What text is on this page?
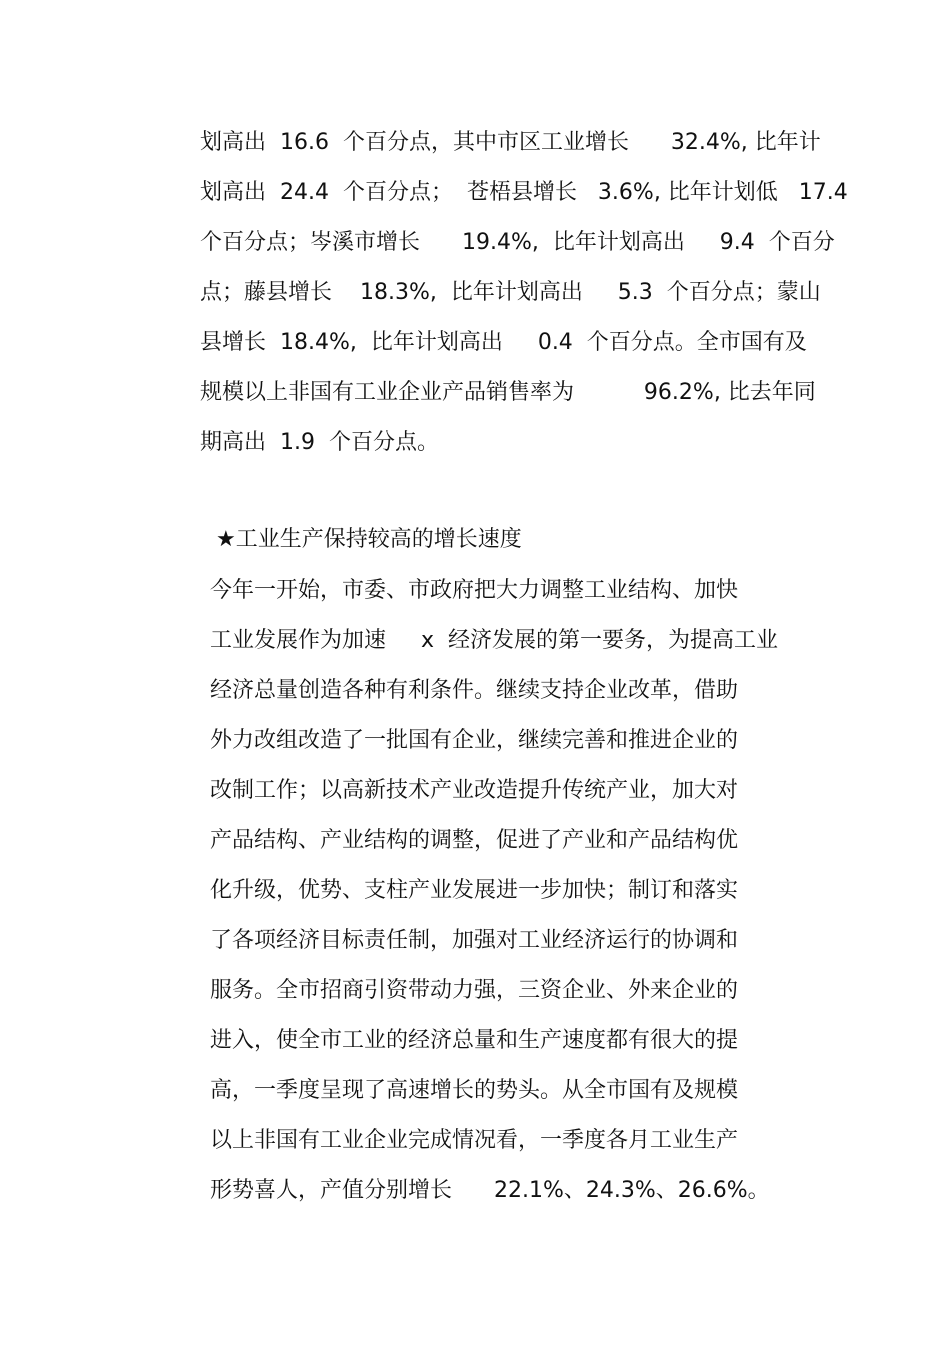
划高出  16.6  个百分点，其中市区工业增长      32.4%, 比年计
划高出  24.4  个百分点；  苍梧县增长   3.6%, 比年计划低   17.4
个百分点；岑溪市增长      19.4%,  比年计划高出     9.4  个百分
点；藤县增长    18.3%,  比年计划高出     5.3  个百分点；蒙山
县增长  18.4%,  比年计划高出     0.4  个百分点。全市国有及
规模以上非国有工业企业产品销售率为          96.2%, 比去年同
期高出  1.9  个百分点。
★工业生产保持较高的增长速度
今年一开始，市委、市政府把大力调整工业结构、加快
工业发展作为加速     x  经济发展的第一要务，为提高工业
经济总量创造各种有利条件。继续支持企业改革，借助
外力改组改造了一批国有企业，继续完善和推进企业的
改制工作；以高新技术产业改造提升传统产业，加大对
产品结构、产业结构的调整，促进了产业和产品结构优
化升级，优势、支柱产业发展进一步加快；制订和落实
了各项经济目标责任制，加强对工业经济运行的协调和
服务。全市招商引资带动力强，三资企业、外来企业的
进入，使全市工业的经济总量和生产速度都有很大的提
高，一季度呈现了高速增长的势头。从全市国有及规模
以上非国有工业企业完成情况看，一季度各月工业生产
形势喜人，产值分别增长      22.1%、24.3%、26.6%。
